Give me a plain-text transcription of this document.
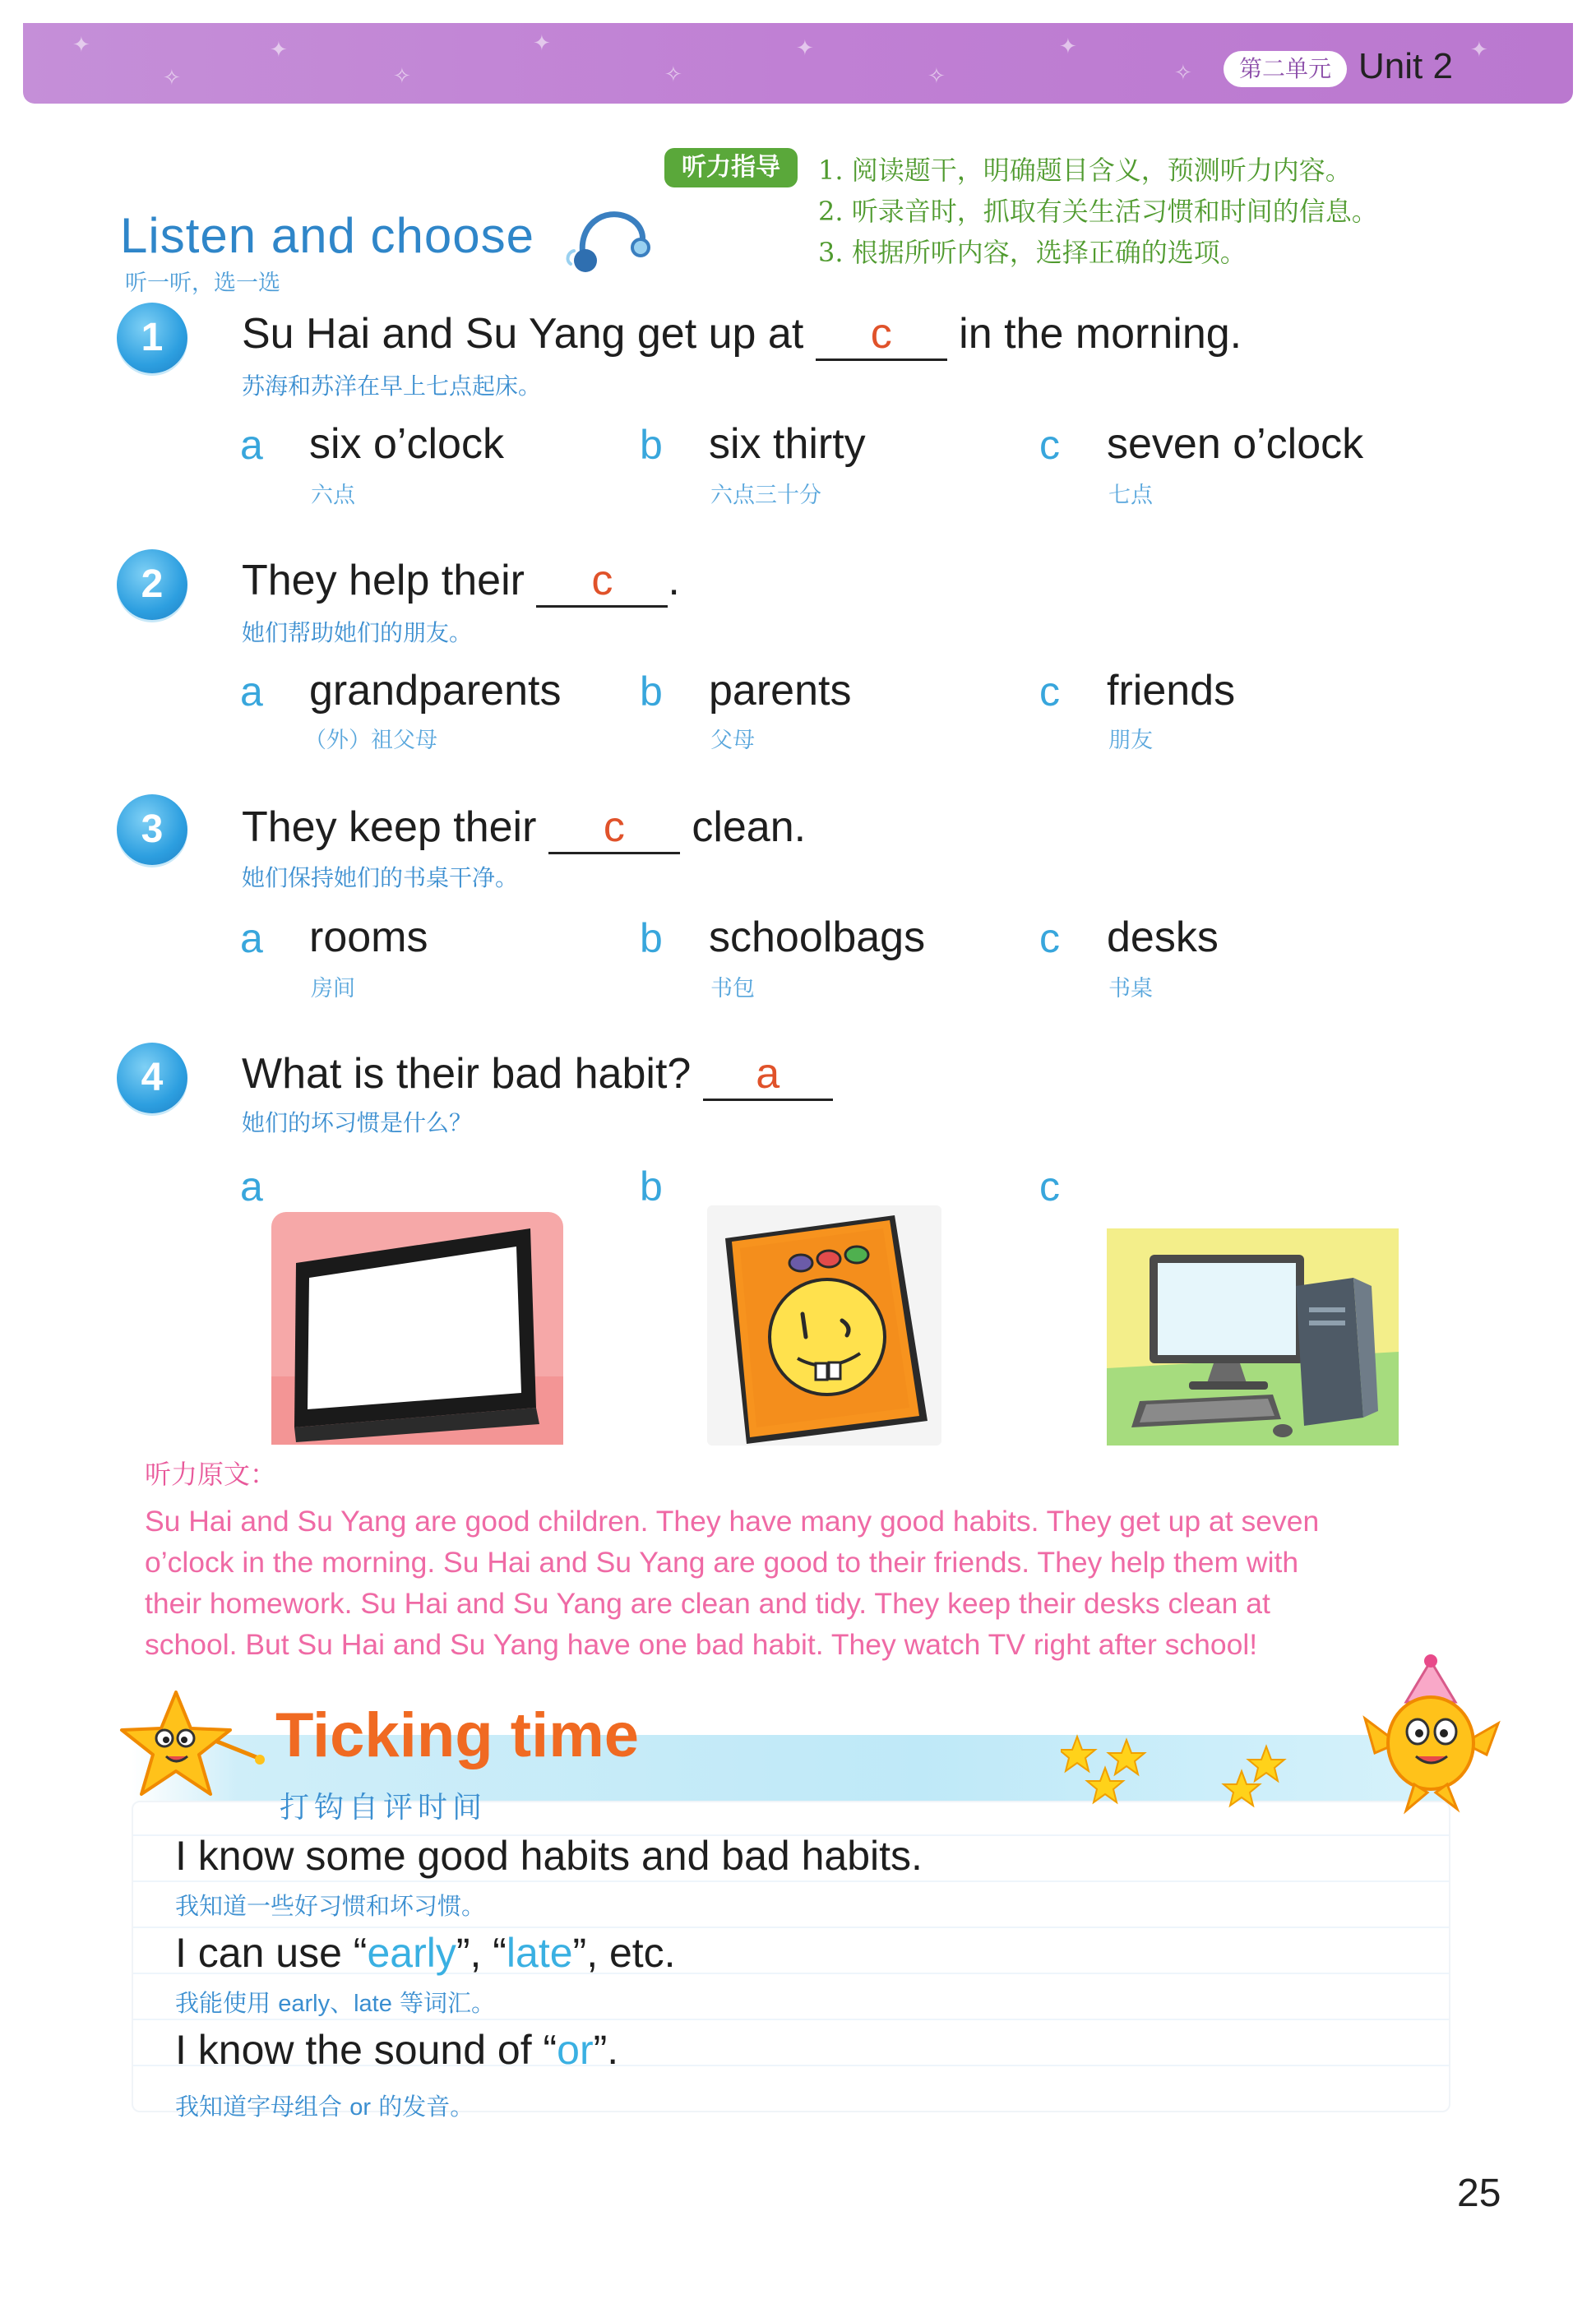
✦
✧
✦
✧
✦
✧
✦
✧
✦
✧
✦
第二单元 Unit 2
听力指导	1. 阅读题干，明确题目含义，预测听力内容。
2. 听录音时，抓取有关生活习惯和时间的信息。
3. 根据所听内容，选择正确的选项。
Listen and choose
听一听，选一选
1	Su Hai and Su Yang get up at c in the morning.
苏海和苏洋在早上七点起床。
a six o’clock
六点
b six thirty
六点三十分
c seven o’clock
七点
2	They help their c .
她们帮助她们的朋友。
a grandparents
（外）祖父母
b parents
父母
c friends
朋友
3	They keep their c clean.
她们保持她们的书桌干净。
a rooms
房间
b schoolbags
书包
c desks
书桌
4	What is their bad habit? a
她们的坏习惯是什么？
a	b	c
听力原文：
Su Hai and Su Yang are good children. They have many good habits. They get up at seven
o’clock in the morning. Su Hai and Su Yang are good to their friends. They help them with
their homework. Su Hai and Su Yang are clean and tidy. They keep their desks clean at
school. But Su Hai and Su Yang have one bad habit. They watch TV right after school!
Ticking time
打钩自评时间
I know some good habits and bad habits.
我知道一些好习惯和坏习惯。
I can use “early”, “late”, etc.
我能使用 early、late 等词汇。
I know the sound of “or”.
我知道字母组合 or 的发音。
25
